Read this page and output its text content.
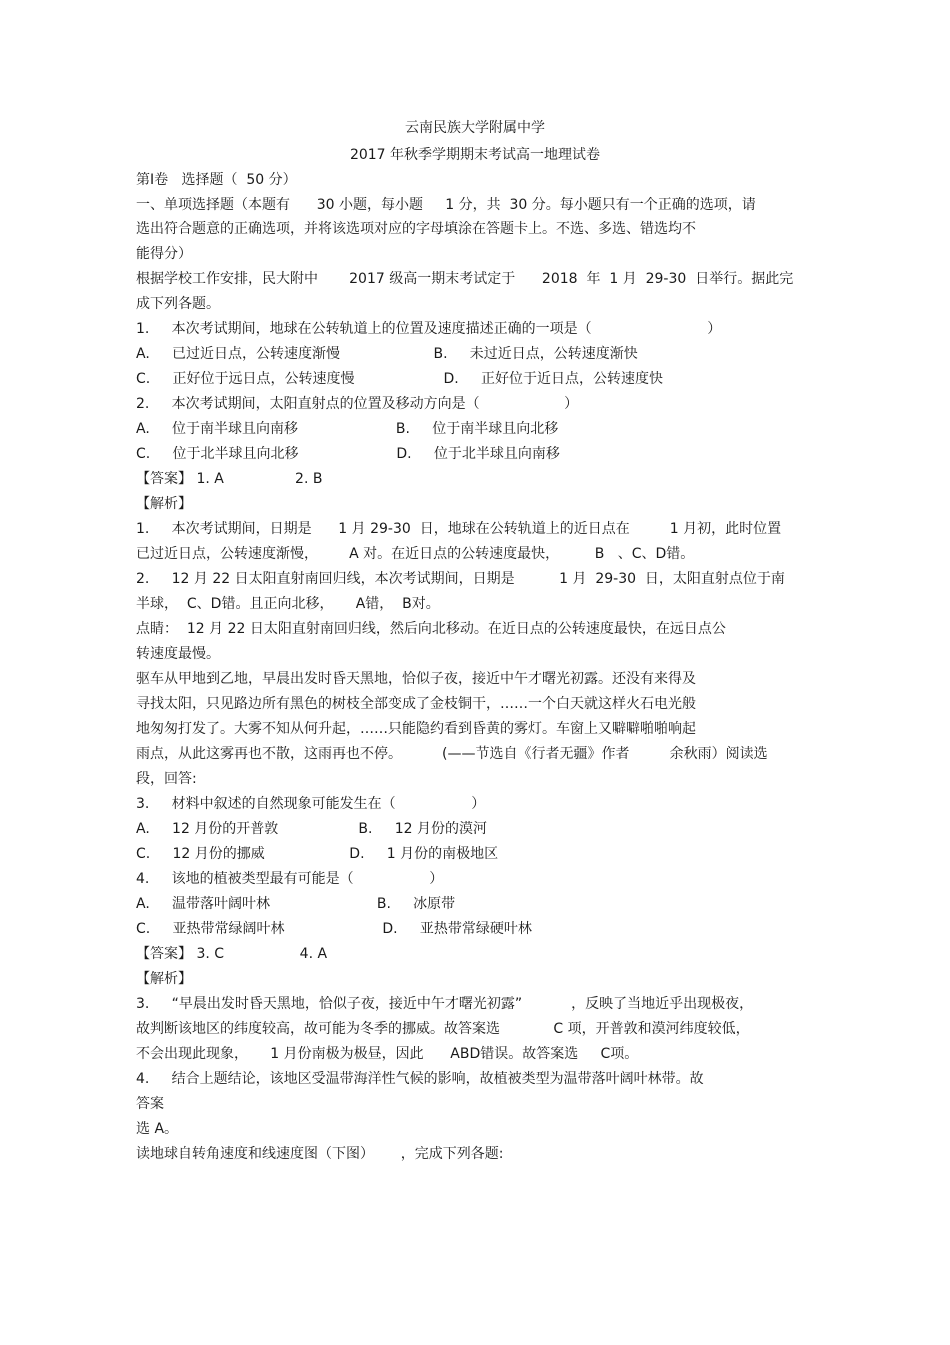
云南民族大学附属中学
2017 年秋季学期期末考试高一地理试卷
第Ⅰ卷   选择题（  50 分）
一、单项选择题（本题有      30 小题，每小题     1 分，共  30 分。每小题只有一个正确的选项，请
选出符合题意的正确选项，并将该选项对应的字母填涂在答题卡上。不选、多选、错选均不
能得分）
根据学校工作安排，民大附中       2017 级高一期末考试定于      2018  年  1 月  29-30  日举行。据此完
成下列各题。
1.     本次考试期间，地球在公转轨道上的位置及速度描述正确的一项是（                          ）
A.     已过近日点，公转速度渐慢                     B.     未过近日点，公转速度渐快
C.     正好位于远日点，公转速度慢                    D.     正好位于近日点，公转速度快
2.     本次考试期间，太阳直射点的位置及移动方向是（                   ）
A.     位于南半球且向南移                      B.     位于南半球且向北移
C.     位于北半球且向北移                      D.     位于北半球且向南移
【答案】 1. A                2. B
【解析】
1.     本次考试期间，日期是      1 月 29-30  日，地球在公转轨道上的近日点在         1 月初，此时位置
已过近日点，公转速度渐慢，       A 对。在近日点的公转速度最快，        B   、C、D错。
2.     12 月 22 日太阳直射南回归线，本次考试期间，日期是          1 月  29-30  日，太阳直射点位于南
半球，  C、D错。且正向北移，     A错，  B对。
点睛：  12 月 22 日太阳直射南回归线，然后向北移动。在近日点的公转速度最快，在远日点公
转速度最慢。
驱车从甲地到乙地，早晨出发时昏天黑地，恰似子夜，接近中午才曙光初露。还没有来得及
寻找太阳，只见路边所有黑色的树枝全部变成了金枝铜干，……一个白天就这样火石电光般
地匆匆打发了。大雾不知从何升起，……只能隐约看到昏黄的雾灯。车窗上又噼噼啪啪响起
雨点，从此这雾再也不散，这雨再也不停。         (——节选自《行者无疆》作者         余秋雨）阅读选
段，回答:
3.     材料中叙述的自然现象可能发生在（                 ）
A.     12 月份的开普敦                  B.     12 月份的漠河
C.     12 月份的挪威                   D.     1 月份的南极地区
4.     该地的植被类型最有可能是（                 ）
A.     温带落叶阔叶林                        B.     冰原带
C.     亚热带常绿阔叶林                      D.     亚热带常绿硬叶林
【答案】 3. C                 4. A
【解析】
3.     “早晨出发时昏天黑地，恰似子夜，接近中午才曙光初露”           ，反映了当地近乎出现极夜，
故判断该地区的纬度较高，故可能为冬季的挪威。故答案选            C 项，开普敦和漠河纬度较低，
不会出现此现象，     1 月份南极为极昼，因此      ABD错误。故答案选     C项。
4.     结合上题结论，该地区受温带海洋性气候的影响，故植被类型为温带落叶阔叶林带。故
答案
选 A。
读地球自转角速度和线速度图（下图）      ，完成下列各题:
